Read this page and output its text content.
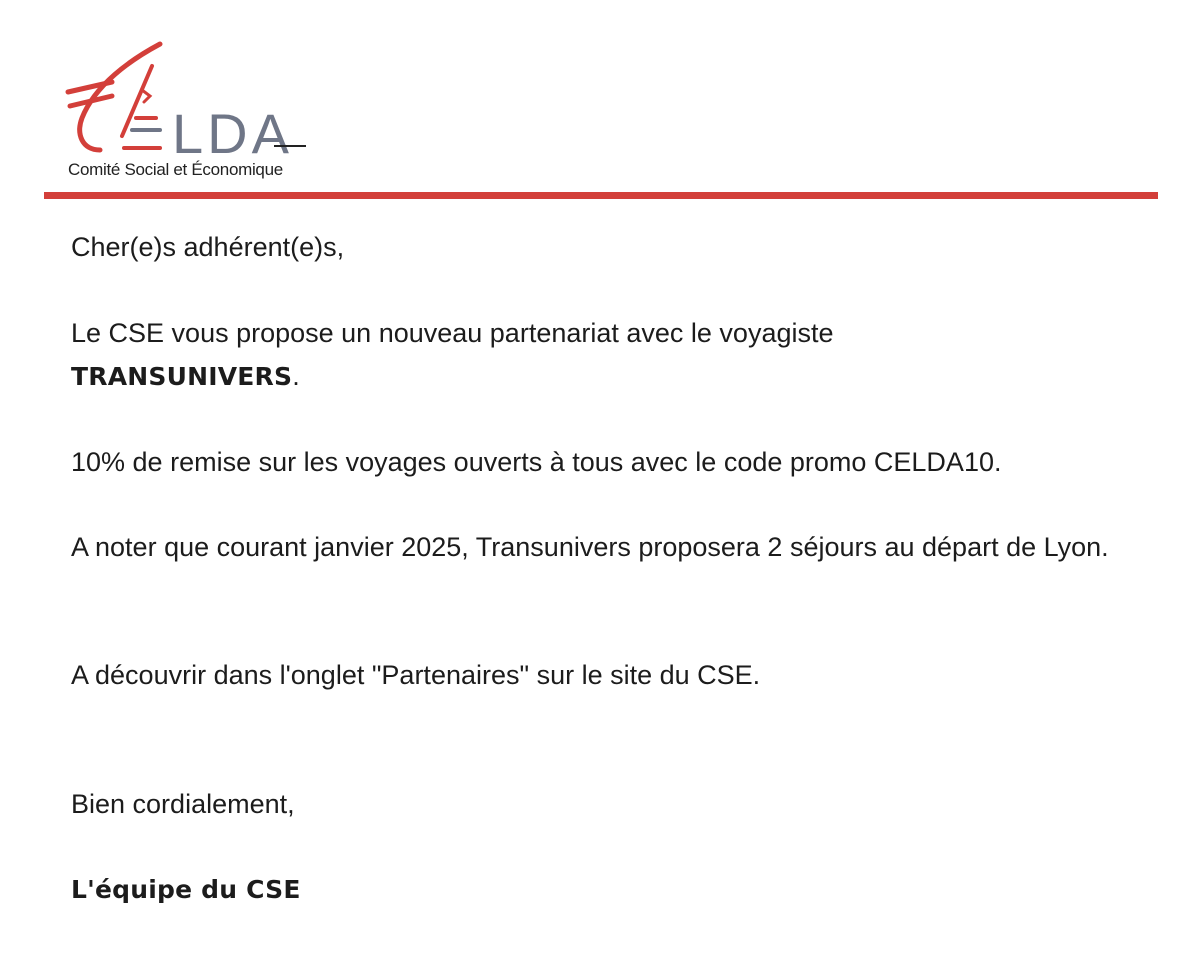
LDA
Comité Social et Économique
Cher(e)s adhérent(e)s,
Le CSE vous propose un nouveau partenariat avec le voyagiste
TRANSUNIVERS.
10% de remise sur les voyages ouverts à tous avec le code promo CELDA10.
A noter que courant janvier 2025, Transunivers proposera 2 séjours au départ de Lyon.
A découvrir dans l'onglet "Partenaires" sur le site du CSE.
Bien cordialement,
L'équipe du CSE
